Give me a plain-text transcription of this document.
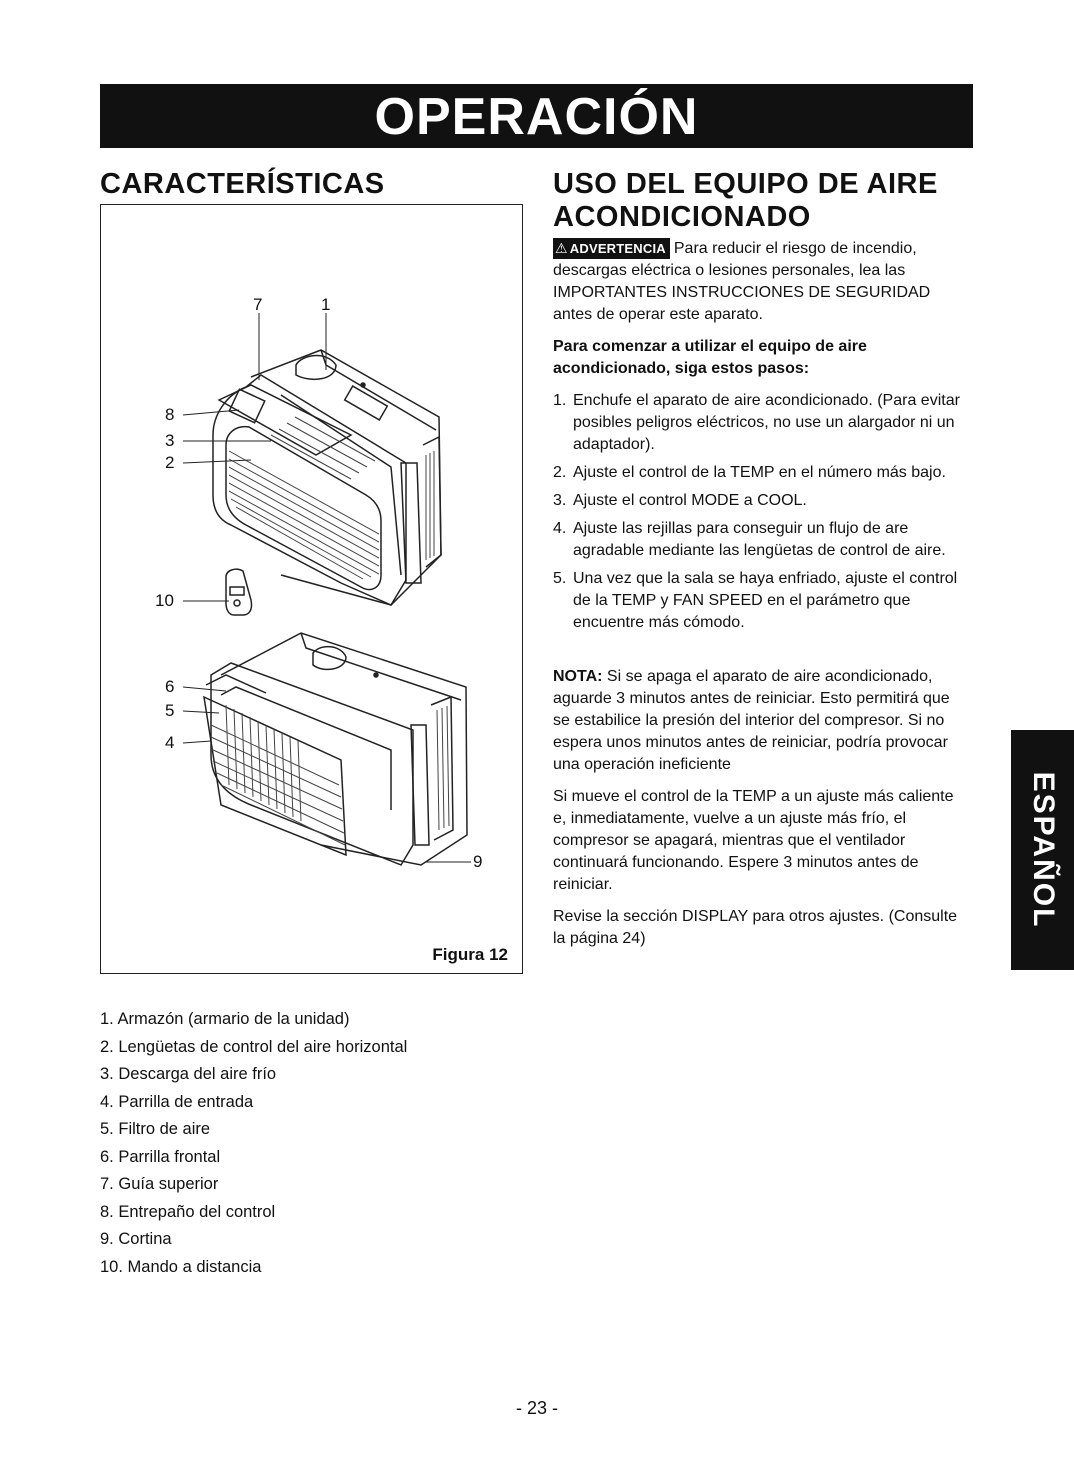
OPERACIÓN
CARACTERÍSTICAS
7	1
8
3
2
10
6
5
4
9
Figura 12
1. Armazón (armario de la unidad)
2. Lengüetas de control del aire horizontal
3. Descarga del aire frío
4. Parrilla de entrada
5. Filtro de aire
6. Parrilla frontal
7. Guía superior
8. Entrepaño del control
9. Cortina
10. Mando a distancia
USO DEL EQUIPO DE AIRE ACONDICIONADO

⚠ ADVERTENCIA Para reducir el riesgo de incendio, descargas eléctrica o lesiones personales, lea las IMPORTANTES INSTRUCCIONES DE SEGURIDAD antes de operar este aparato.

Para comenzar a utilizar el equipo de aire acondicionado, siga estos pasos:

1. Enchufe el aparato de aire acondicionado. (Para evitar posibles peligros eléctricos, no use un alargador ni un adaptador).
2. Ajuste el control de la TEMP en el número más bajo.
3. Ajuste el control MODE a COOL.
4. Ajuste las rejillas para conseguir un flujo de are agradable mediante las lengüetas de control de aire.
5. Una vez que la sala se haya enfriado, ajuste el control de la TEMP y FAN SPEED en el parámetro que encuentre más cómodo.

NOTA: Si se apaga el aparato de aire acondicionado, aguarde 3 minutos antes de reiniciar. Esto permitirá que se estabilice la presión del interior del compresor. Si no espera unos minutos antes de reiniciar, podría provocar una operación ineficiente

Si mueve el control de la TEMP a un ajuste más caliente e, inmediatamente, vuelve a un ajuste más frío, el compresor se apagará, mientras que el ventilador continuará funcionando. Espere 3 minutos antes de reiniciar.

Revise la sección DISPLAY para otros ajustes. (Consulte la página 24)

ESPAÑOL
- 23 -
